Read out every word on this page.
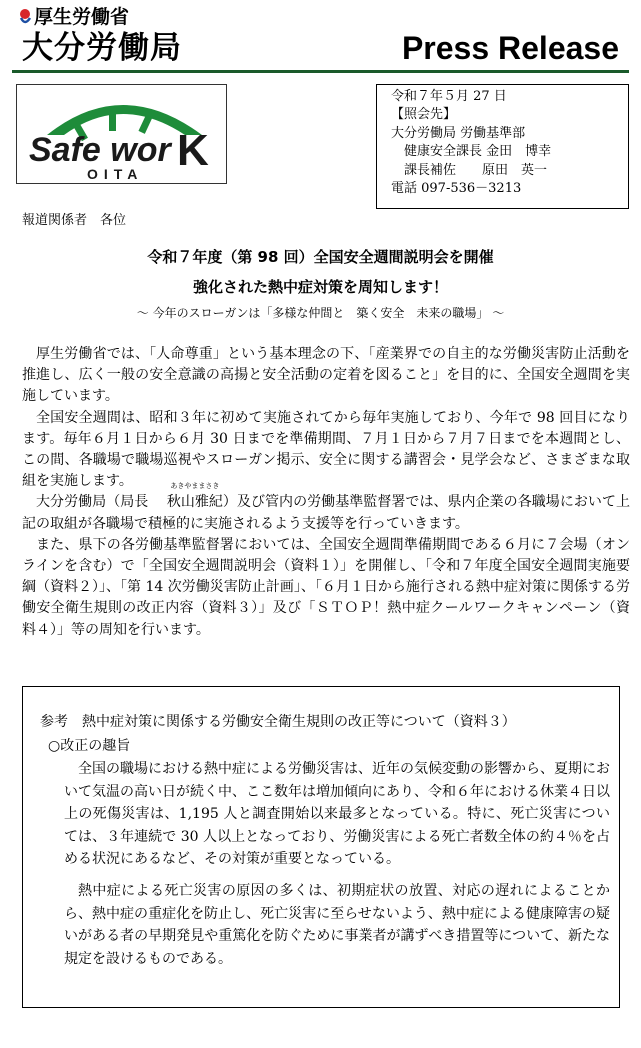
厚生労働省
大分労働局	Press Release
Safe wor K
OITA
令和７年５月 27 日
【照会先】
大分労働局 労働基準部
　健康安全課長 金田　博幸
　課長補佐　　原田　英一
電話 097-536－3213
報道関係者　各位
令和７年度（第 98 回）全国安全週間説明会を開催
強化された熱中症対策を周知します！
～ 今年のスローガンは「多様な仲間と　築く安全　未来の職場」 ～

厚生労働省では、「人命尊重」という基本理念の下、「産業界での自主的な労働災害防止活動を推進し、広く一般の安全意識の高揚と安全活動の定着を図ること」を目的に、全国安全週間を実施しています。

全国安全週間は、昭和３年に初めて実施されてから毎年実施しており、今年で 98 回目になります。毎年６月１日から６月 30 日までを準備期間、７月１日から７月７日までを本週間とし、この間、各職場で職場巡視やスローガン掲示、安全に関する講習会・見学会など、さまざまな取組を実施します。

大分労働局（局長
あきやままさき
秋山雅紀）及び管内の労働基準監督署では、県内企業の各職場において上記の取組が各職場で積極的に実施されるよう支援等を行っていきます。

また、県下の各労働基準監督署においては、全国安全週間準備期間である６月に７会場（オンラインを含む）で「全国安全週間説明会（資料１）」を開催し、「令和７年度全国安全週間実施要綱（資料２）」、「第 14 次労働災害防止計画」、「６月１日から施行される熱中症対策に関係する労働安全衛生規則の改正内容（資料３）」及び「ＳＴＯＰ！熱中症クールワークキャンペーン（資料４）」等の周知を行います。

参考　熱中症対策に関係する労働安全衛生規則の改正等について（資料３）
○改正の趣旨

全国の職場における熱中症による労働災害は、近年の気候変動の影響から、夏期において気温の高い日が続く中、ここ数年は増加傾向にあり、令和６年における休業４日以上の死傷災害は、1,195 人と調査開始以来最多となっている。特に、死亡災害については、３年連続で 30 人以上となっており、労働災害による死亡者数全体の約４％を占める状況にあるなど、その対策が重要となっている。

熱中症による死亡災害の原因の多くは、初期症状の放置、対応の遅れによることから、熱中症の重症化を防止し、死亡災害に至らせないよう、熱中症による健康障害の疑いがある者の早期発見や重篤化を防ぐために事業者が講ずべき措置等について、新たな規定を設けるものである。
